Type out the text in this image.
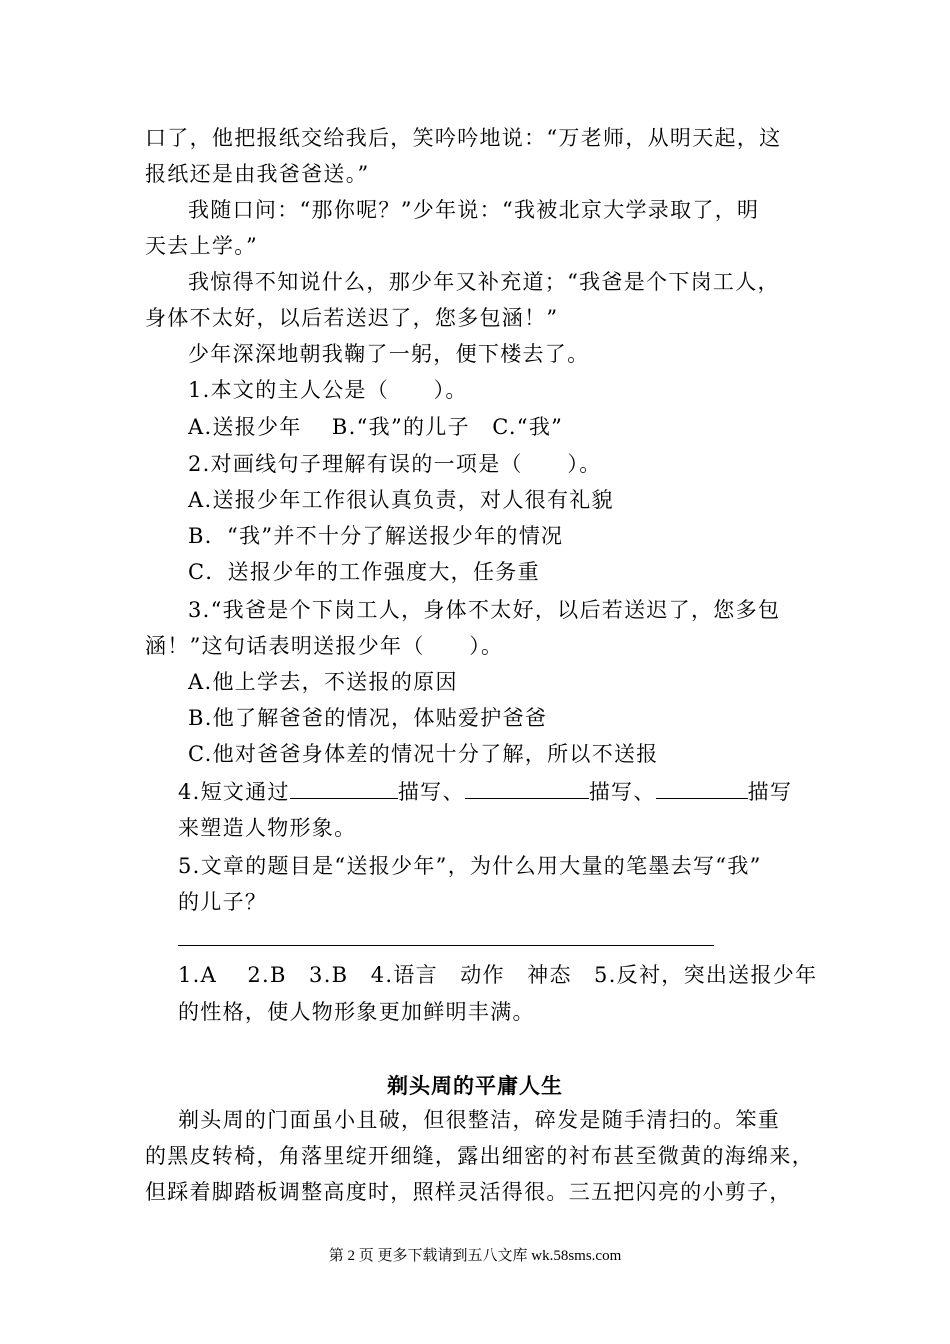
口了，他把报纸交给我后，笑吟吟地说：“万老师，从明天起，这
报纸还是由我爸爸送。”
我随口问：“那你呢？”少年说：“我被北京大学录取了，明
天去上学。”
我惊得不知说什么，那少年又补充道；“我爸是个下岗工人，
身体不太好，以后若送迟了，您多包涵！”
少年深深地朝我鞠了一躬，便下楼去了。
1.本文的主人公是（　　）。
A.送报少年　 B.“我”的儿子　C.“我”
2.对画线句子理解有误的一项是（　　）。
A.送报少年工作很认真负责，对人很有礼貌
B．“我”并不十分了解送报少年的情况
C．送报少年的工作强度大，任务重
3.“我爸是个下岗工人，身体不太好，以后若送迟了，您多包
涵！”这句话表明送报少年（　　）。
A.他上学去，不送报的原因
B.他了解爸爸的情况，体贴爱护爸爸
C.他对爸爸身体差的情况十分了解，所以不送报
4.短文通过	描写、	描写、	描写
来塑造人物形象。
5.文章的题目是“送报少年”，为什么用大量的笔墨去写“我”
的儿子？
1.A　 2.B　3.B　4.语言　动作　神态　5.反衬，突出送报少年
的性格，使人物形象更加鲜明丰满。
剃头周的平庸人生
剃头周的门面虽小且破，但很整洁，碎发是随手清扫的。笨重
的黑皮转椅，角落里绽开细缝，露出细密的衬布甚至微黄的海绵来，
但踩着脚踏板调整高度时，照样灵活得很。三五把闪亮的小剪子，
第 2 页 更多下载请到五八文库 wk.58sms.com
